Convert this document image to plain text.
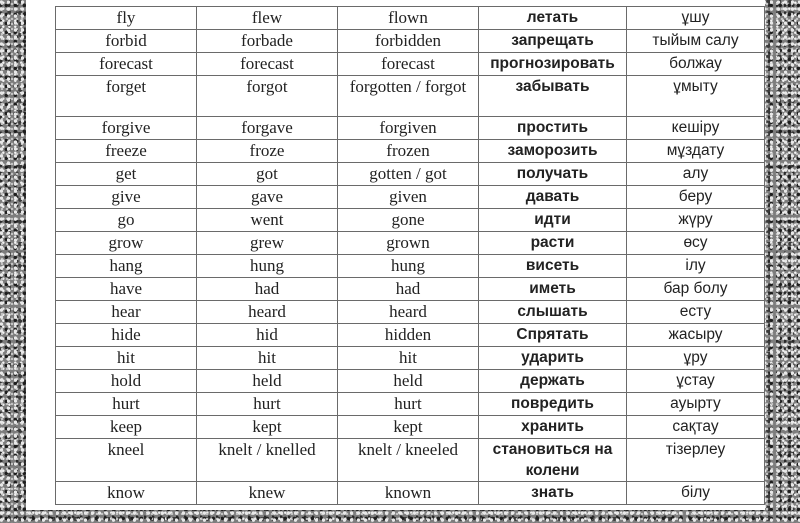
fly	flew	flown	летать	ұшу
forbid	forbade	forbidden	запрещать	тыйым салу
forecast	forecast	forecast	прогнозировать	болжау
forget	forgot	forgotten / forgot	забывать	ұмыту
forgive	forgave	forgiven	простить	кешіру
freeze	froze	frozen	заморозить	мұздату
get	got	gotten / got	получать	алу
give	gave	given	давать	беру
go	went	gone	идти	жүру
grow	grew	grown	расти	өсу
hang	hung	hung	висеть	ілу
have	had	had	иметь	бар болу
hear	heard	heard	слышать	есту
hide	hid	hidden	Спрятать	жасыру
hit	hit	hit	ударить	ұру
hold	held	held	держать	ұстау
hurt	hurt	hurt	повредить	ауырту
keep	kept	kept	хранить	сақтау
kneel	knelt / knelled	knelt / kneeled	становиться на колени	тізерлеу
know	knew	known	знать	білу
